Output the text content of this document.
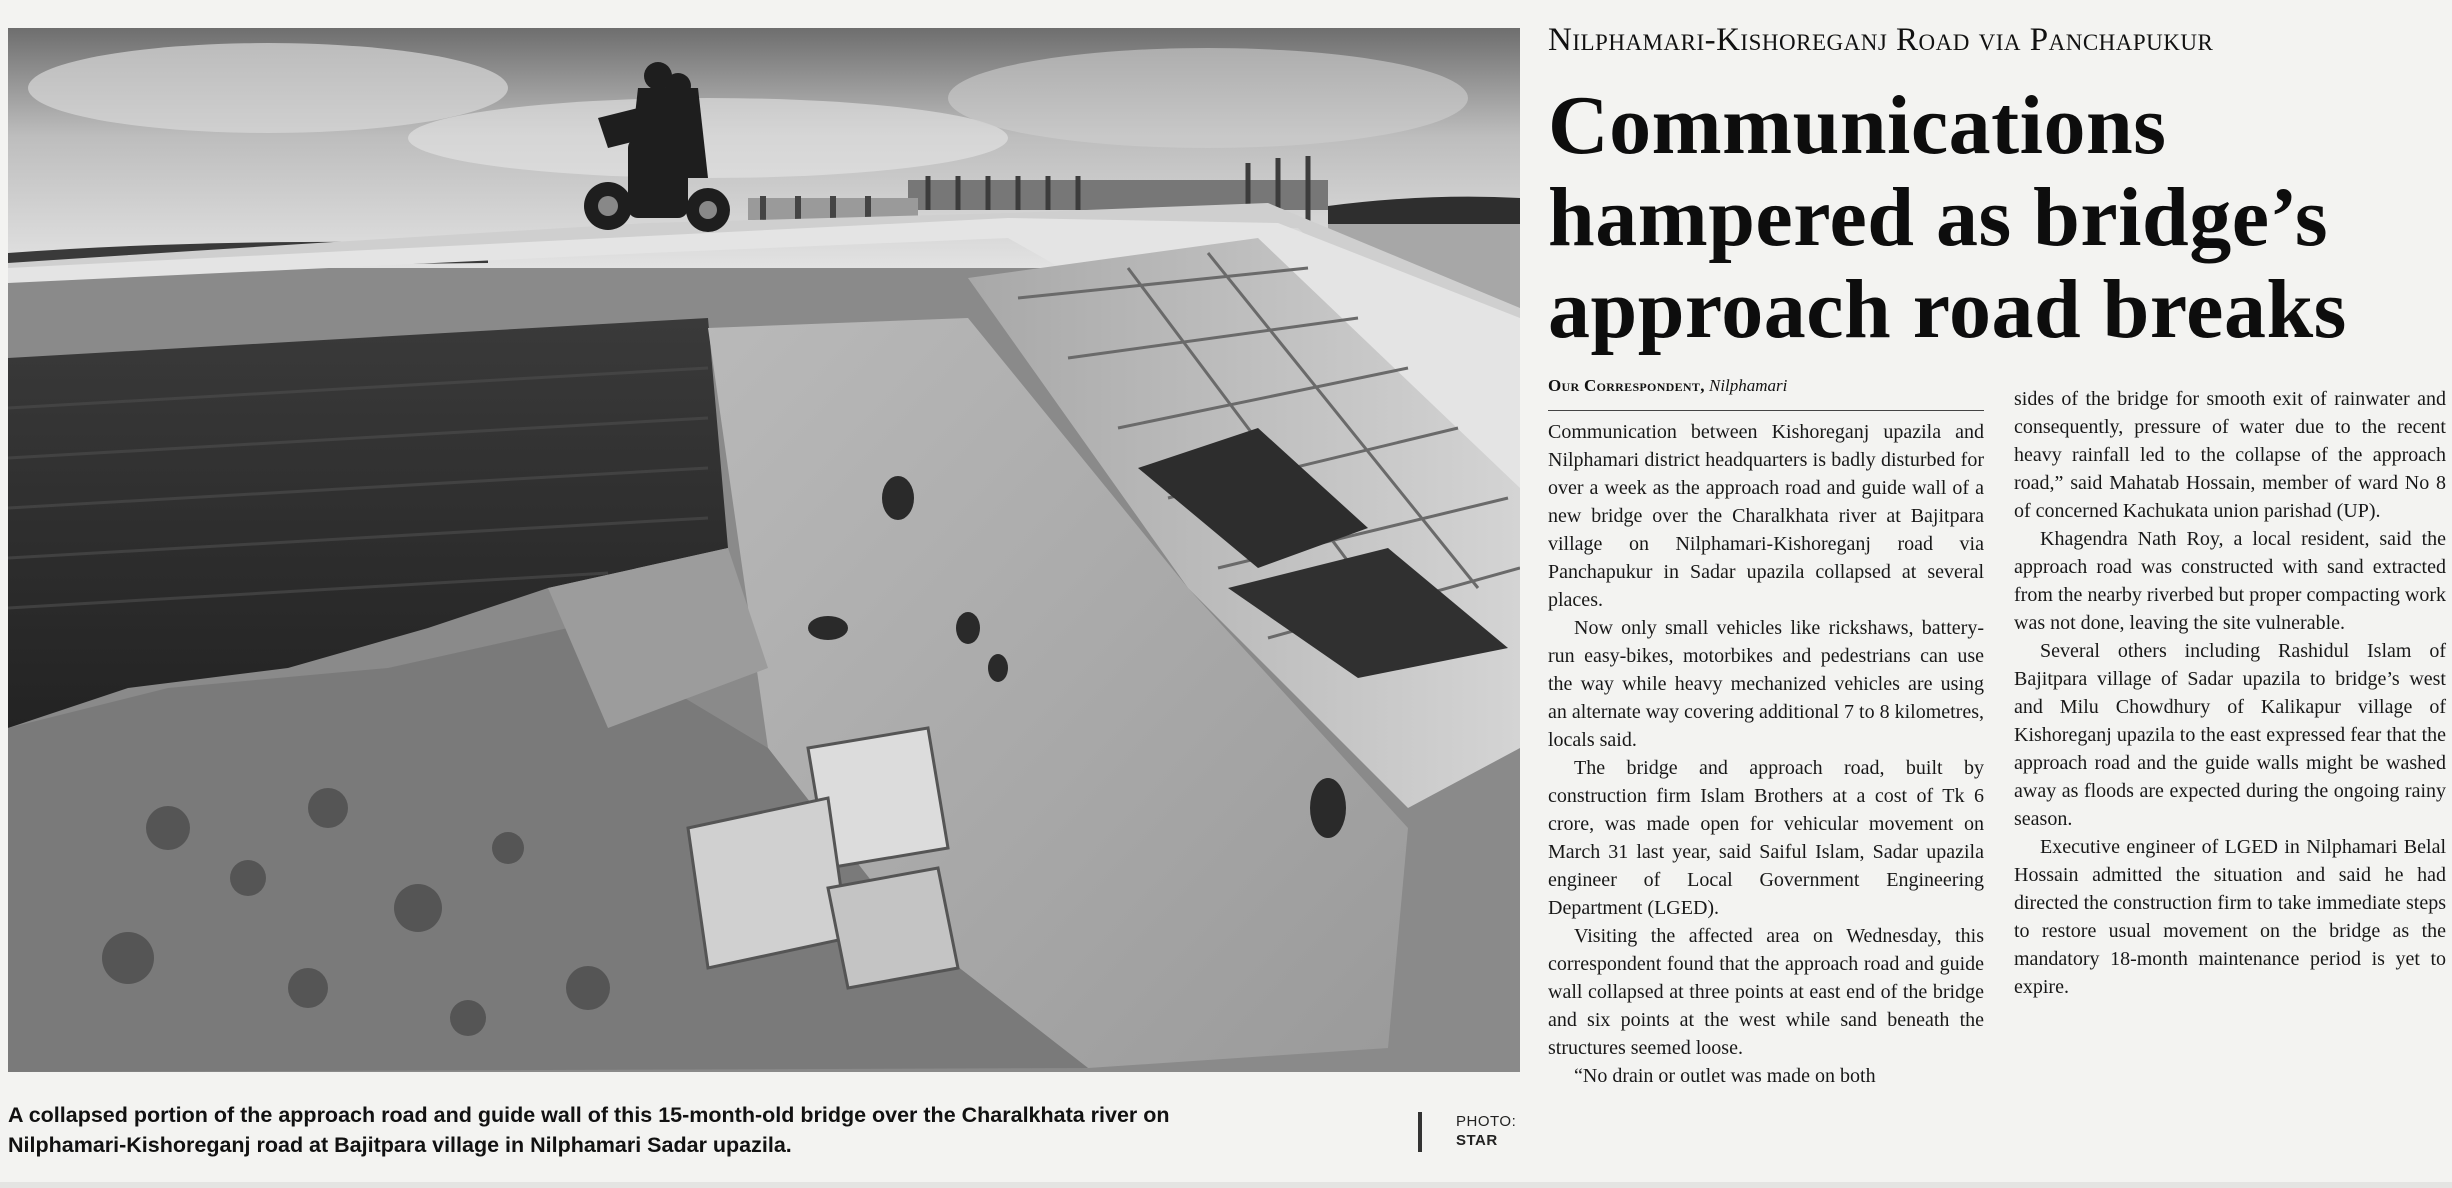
A collapsed portion of the approach road and guide wall of this 15-month-old bridge over the Charalkhata river on
Nilphamari-Kishoreganj road at Bajitpara village in Nilphamari Sadar upazila.
PHOTO:
STAR
Nilphamari-Kishoreganj Road via Panchapukur
Communications
hampered as bridge’s
approach road breaks
Our Correspondent, Nilphamari

Communication between Kishoreganj upazila and Nilphamari district headquarters is badly disturbed for over a week as the approach road and guide wall of a new bridge over the Charalkhata river at Bajitpara village on Nilphamari-Kishoreganj road via Panchapukur in Sadar upazila collapsed at several places.

Now only small vehicles like rickshaws, battery-run easy-bikes, motorbikes and pedestrians can use the way while heavy mechanized vehicles are using an alternate way covering additional 7 to 8 kilometres, locals said.

The bridge and approach road, built by construction firm Islam Brothers at a cost of Tk 6 crore, was made open for vehicular movement on March 31 last year, said Saiful Islam, Sadar upazila engineer of Local Government Engineering Department (LGED).

Visiting the affected area on Wednesday, this correspondent found that the approach road and guide wall collapsed at three points at east end of the bridge and six points at the west while sand beneath the structures seemed loose.

“No drain or outlet was made on both

sides of the bridge for smooth exit of rainwater and consequently, pressure of water due to the recent heavy rainfall led to the collapse of the approach road,” said Mahatab Hossain, member of ward No 8 of concerned Kachukata union parishad (UP).

Khagendra Nath Roy, a local resident, said the approach road was constructed with sand extracted from the nearby riverbed but proper compacting work was not done, leaving the site vulnerable.

Several others including Rashidul Islam of Bajitpara village of Sadar upazila to bridge’s west and Milu Chowdhury of Kalikapur village of Kishoreganj upazila to the east expressed fear that the approach road and the guide walls might be washed away as floods are expected during the ongoing rainy season.

Executive engineer of LGED in Nilphamari Belal Hossain admitted the situation and said he had directed the construction firm to take immediate steps to restore usual movement on the bridge as the mandatory 18-month maintenance period is yet to expire.
